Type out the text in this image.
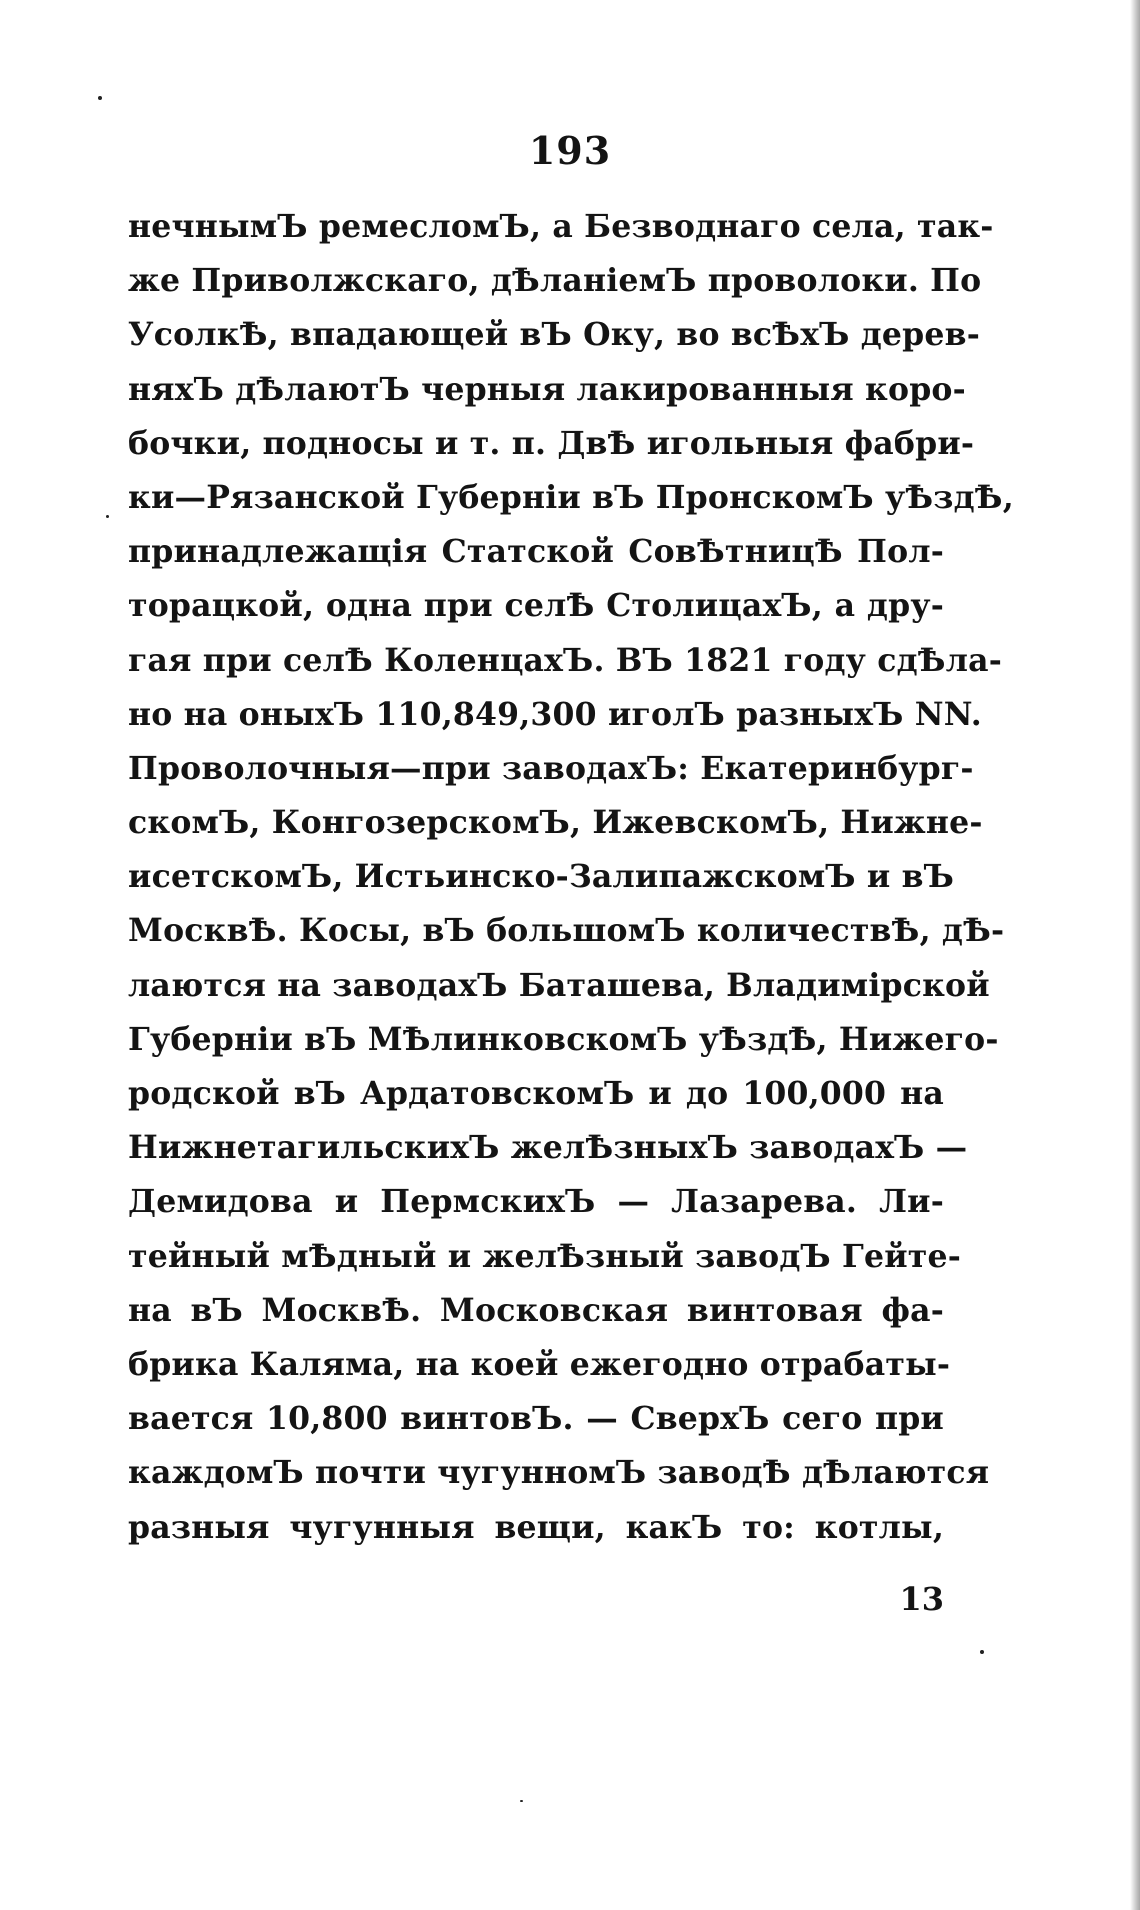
193
нечнымЪ ремесломЪ, а Безводнаго села, так-
же Приволжскаго, дѢланіемЪ проволоки. По
УсолкѢ, впадающей вЪ Оку, во всѢхЪ дерев-
няхЪ дѢлаютЪ черныя лакированныя коро-
бочки, подносы и т. п. ДвѢ игольныя фабри-
ки—Рязанской Губерніи вЪ ПронскомЪ уѢздѢ,
принадлежащія Статской СовѢтницѢ Пол-
торацкой, одна при селѢ СтолицахЪ, а дру-
гая при селѢ КоленцахЪ. ВЪ 1821 году сдѢла-
но на оныхЪ 110,849,300 иголЪ разныхЪ NN.
Проволочныя—при заводахЪ: Екатеринбург-
скомЪ, КонгозерскомЪ, ИжевскомЪ, Нижне-
исетскомЪ, Истьинско-ЗалипажскомЪ и вЪ
МосквѢ. Косы, вЪ большомЪ количествѢ, дѢ-
лаются на заводахЪ Баташева, Владимірской
Губерніи вЪ МѢлинковскомЪ уѢздѢ, Нижего-
родской вЪ АрдатовскомЪ и до 100,000 на
НижнетагильскихЪ желѢзныхЪ заводахЪ —
Демидова и ПермскихЪ — Лазарева. Ли-
тейный мѢдный и желѢзный заводЪ Гейте-
на вЪ МосквѢ. Московская винтовая фа-
брика Калямa, на коей ежегодно отрабаты-
вается 10,800 винтовЪ. — СверхЪ сего при
каждомЪ почти чугунномЪ заводѢ дѢлаются
разныя чугунныя вещи, какЪ то: котлы,
13
